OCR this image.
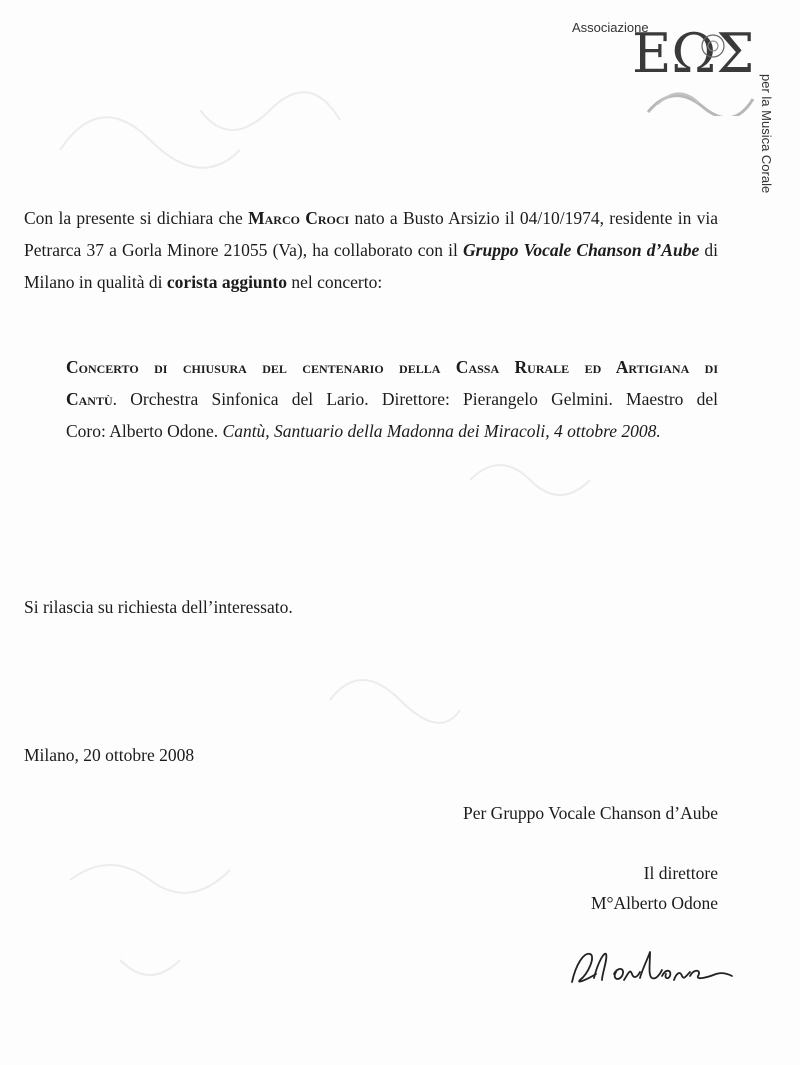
Associazione
ΕΩΣ
per la Musica Corale
Con la presente si dichiara che Marco Croci nato a Busto Arsizio il 04/10/1974, residente in via
Petrarca 37 a Gorla Minore 21055 (Va), ha collaborato con il Gruppo Vocale Chanson d’Aube di
Milano in qualità di corista aggiunto nel concerto:
Concerto di chiusura del centenario della Cassa Rurale ed Artigiana di
Cantù. Orchestra Sinfonica del Lario. Direttore: Pierangelo Gelmini. Maestro del
Coro: Alberto Odone. Cantù, Santuario della Madonna dei Miracoli, 4 ottobre 2008.
Si rilascia su richiesta dell’interessato.
Milano, 20 ottobre 2008
Per Gruppo Vocale Chanson d’Aube
Il direttore
M°Alberto Odone
